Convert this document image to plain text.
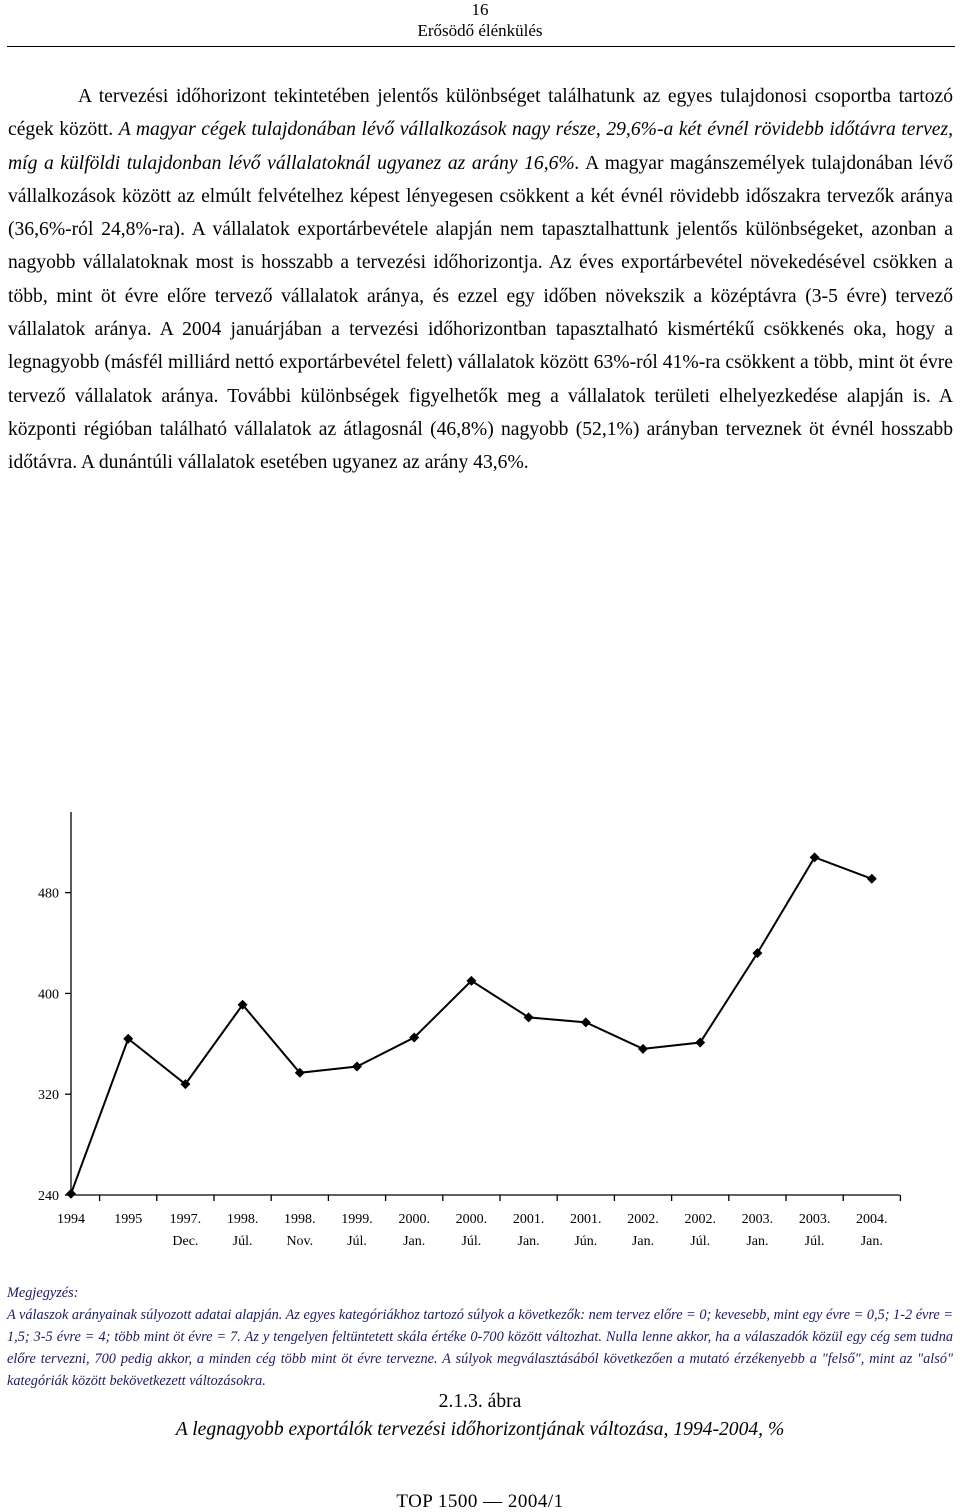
16
Erősödő élénkülés

A tervezési időhorizont tekintetében jelentős különbséget találhatunk az egyes tulajdonosi csoportba tartozó cégek között. A magyar cégek tulajdonában lévő vállalkozások nagy része, 29,6%-a két évnél rövidebb időtávra tervez, míg a külföldi tulajdonban lévő vállalatoknál ugyanez az arány 16,6%. A magyar magánszemélyek tulajdonában lévő vállalkozások között az elmúlt felvételhez képest lényegesen csökkent a két évnél rövidebb időszakra tervezők aránya (36,6%-ról 24,8%-ra). A vállalatok exportárbevétele alapján nem tapasztalhattunk jelentős különbségeket, azonban a nagyobb vállalatoknak most is hosszabb a tervezési időhorizontja. Az éves exportárbevétel növekedésével csökken a több, mint öt évre előre tervező vállalatok aránya, és ezzel egy időben növekszik a középtávra (3-5 évre) tervező vállalatok aránya. A 2004 januárjában a tervezési időhorizontban tapasztalható kismértékű csökkenés oka, hogy a legnagyobb (másfél milliárd nettó exportárbevétel felett) vállalatok között 63%-ról 41%-ra csökkent a több, mint öt évre tervező vállalatok aránya. További különbségek figyelhetők meg a vállalatok területi elhelyezkedése alapján is. A központi régióban található vállalatok az átlagosnál (46,8%) nagyobb (52,1%) arányban terveznek öt évnél hosszabb időtávra. A dunántúli vállalatok esetében ugyanez az arány 43,6%.

2.1.3. ábra
A legnagyobb exportálók tervezési időhorizontjának változása, 1994-2004, %
240
320
400
480
1994 1995 1997.
Dec.
1998.
Júl.
1998.
Nov.
1999.
Júl.
2000.
Jan.
2000.
Júl.
2001.
Jan.
2001.
Jún.
2002.
Jan.
2002.
Júl.
2003.
Jan.
2003.
Júl.
2004.
Jan.

Megjegyzés:

A válaszok arányainak súlyozott adatai alapján. Az egyes kategóriákhoz tartozó súlyok a következők: nem tervez előre = 0; kevesebb, mint egy évre = 0,5; 1-2 évre = 1,5; 3-5 évre = 4; több mint öt évre = 7. Az y tengelyen feltüntetett skála értéke 0-700 között változhat. Nulla lenne akkor, ha a válaszadók közül egy cég sem tudna előre tervezni, 700 pedig akkor, a minden cég több mint öt évre tervezne. A súlyok megválasztásából következően a mutató érzékenyebb a "felső", mint az "alsó" kategóriák között bekövetkezett változásokra.

TOP 1500 — 2004/1
